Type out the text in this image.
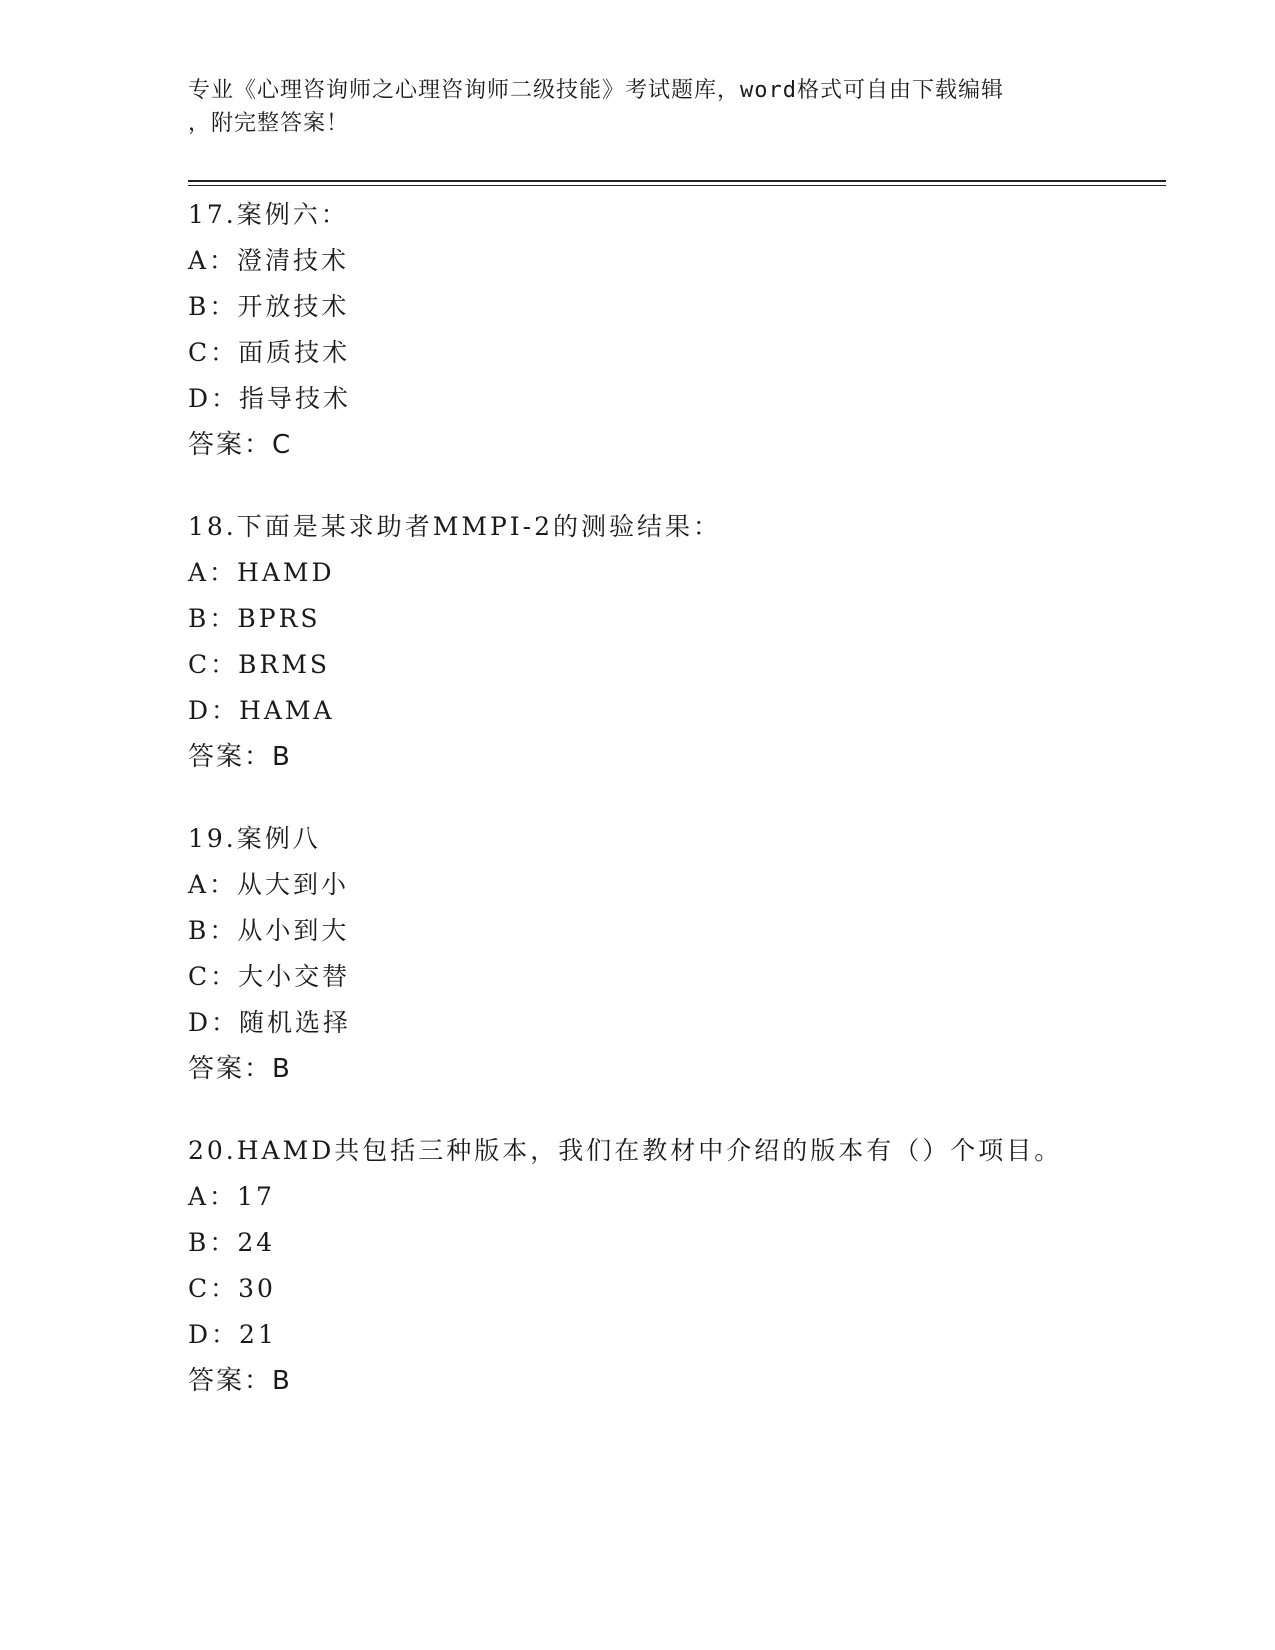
专业《心理咨询师之心理咨询师二级技能》考试题库，word格式可自由下载编辑
，附完整答案！
17.案例六：
A：澄清技术
B：开放技术
C：面质技术
D：指导技术
答案：C
18.下面是某求助者MMPI-2的测验结果：
A：HAMD
B：BPRS
C：BRMS
D：HAMA
答案：B
19.案例八
A：从大到小
B：从小到大
C：大小交替
D：随机选择
答案：B
20.HAMD共包括三种版本，我们在教材中介绍的版本有（）个项目。
A：17
B：24
C：30
D：21
答案：B
